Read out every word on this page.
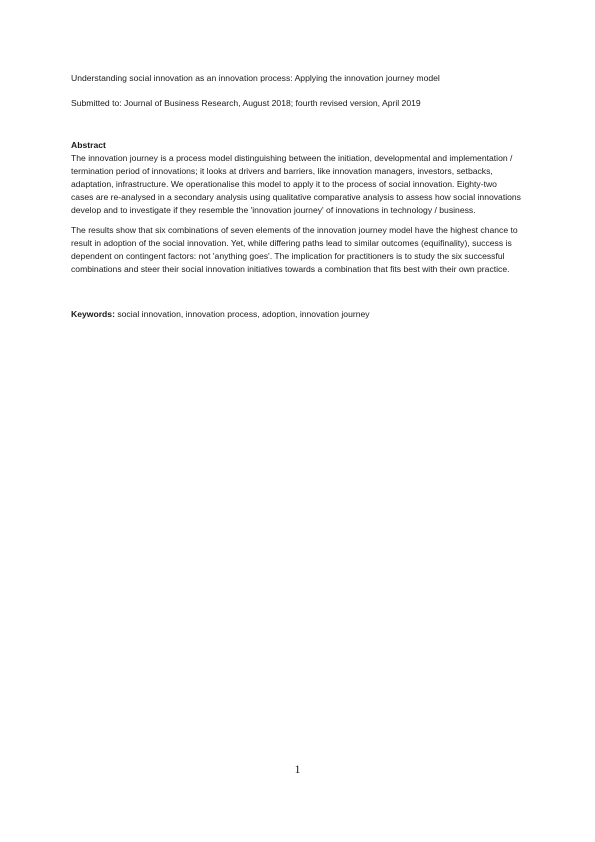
Understanding social innovation as an innovation process: Applying the innovation journey model

Submitted to: Journal of Business Research, August 2018; fourth revised version, April 2019

Abstract

The innovation journey is a process model distinguishing between the initiation, developmental and implementation / termination period of innovations; it looks at drivers and barriers, like innovation managers, investors, setbacks, adaptation, infrastructure. We operationalise this model to apply it to the process of social innovation. Eighty-two cases are re-analysed in a secondary analysis using qualitative comparative analysis to assess how social innovations develop and to investigate if they resemble the 'innovation journey' of innovations in technology / business.

The results show that six combinations of seven elements of the innovation journey model have the highest chance to result in adoption of the social innovation. Yet, while differing paths lead to similar outcomes (equifinality), success is dependent on contingent factors: not 'anything goes'. The implication for practitioners is to study the six successful combinations and steer their social innovation initiatives towards a combination that fits best with their own practice.

Keywords: social innovation, innovation process, adoption, innovation journey

1
